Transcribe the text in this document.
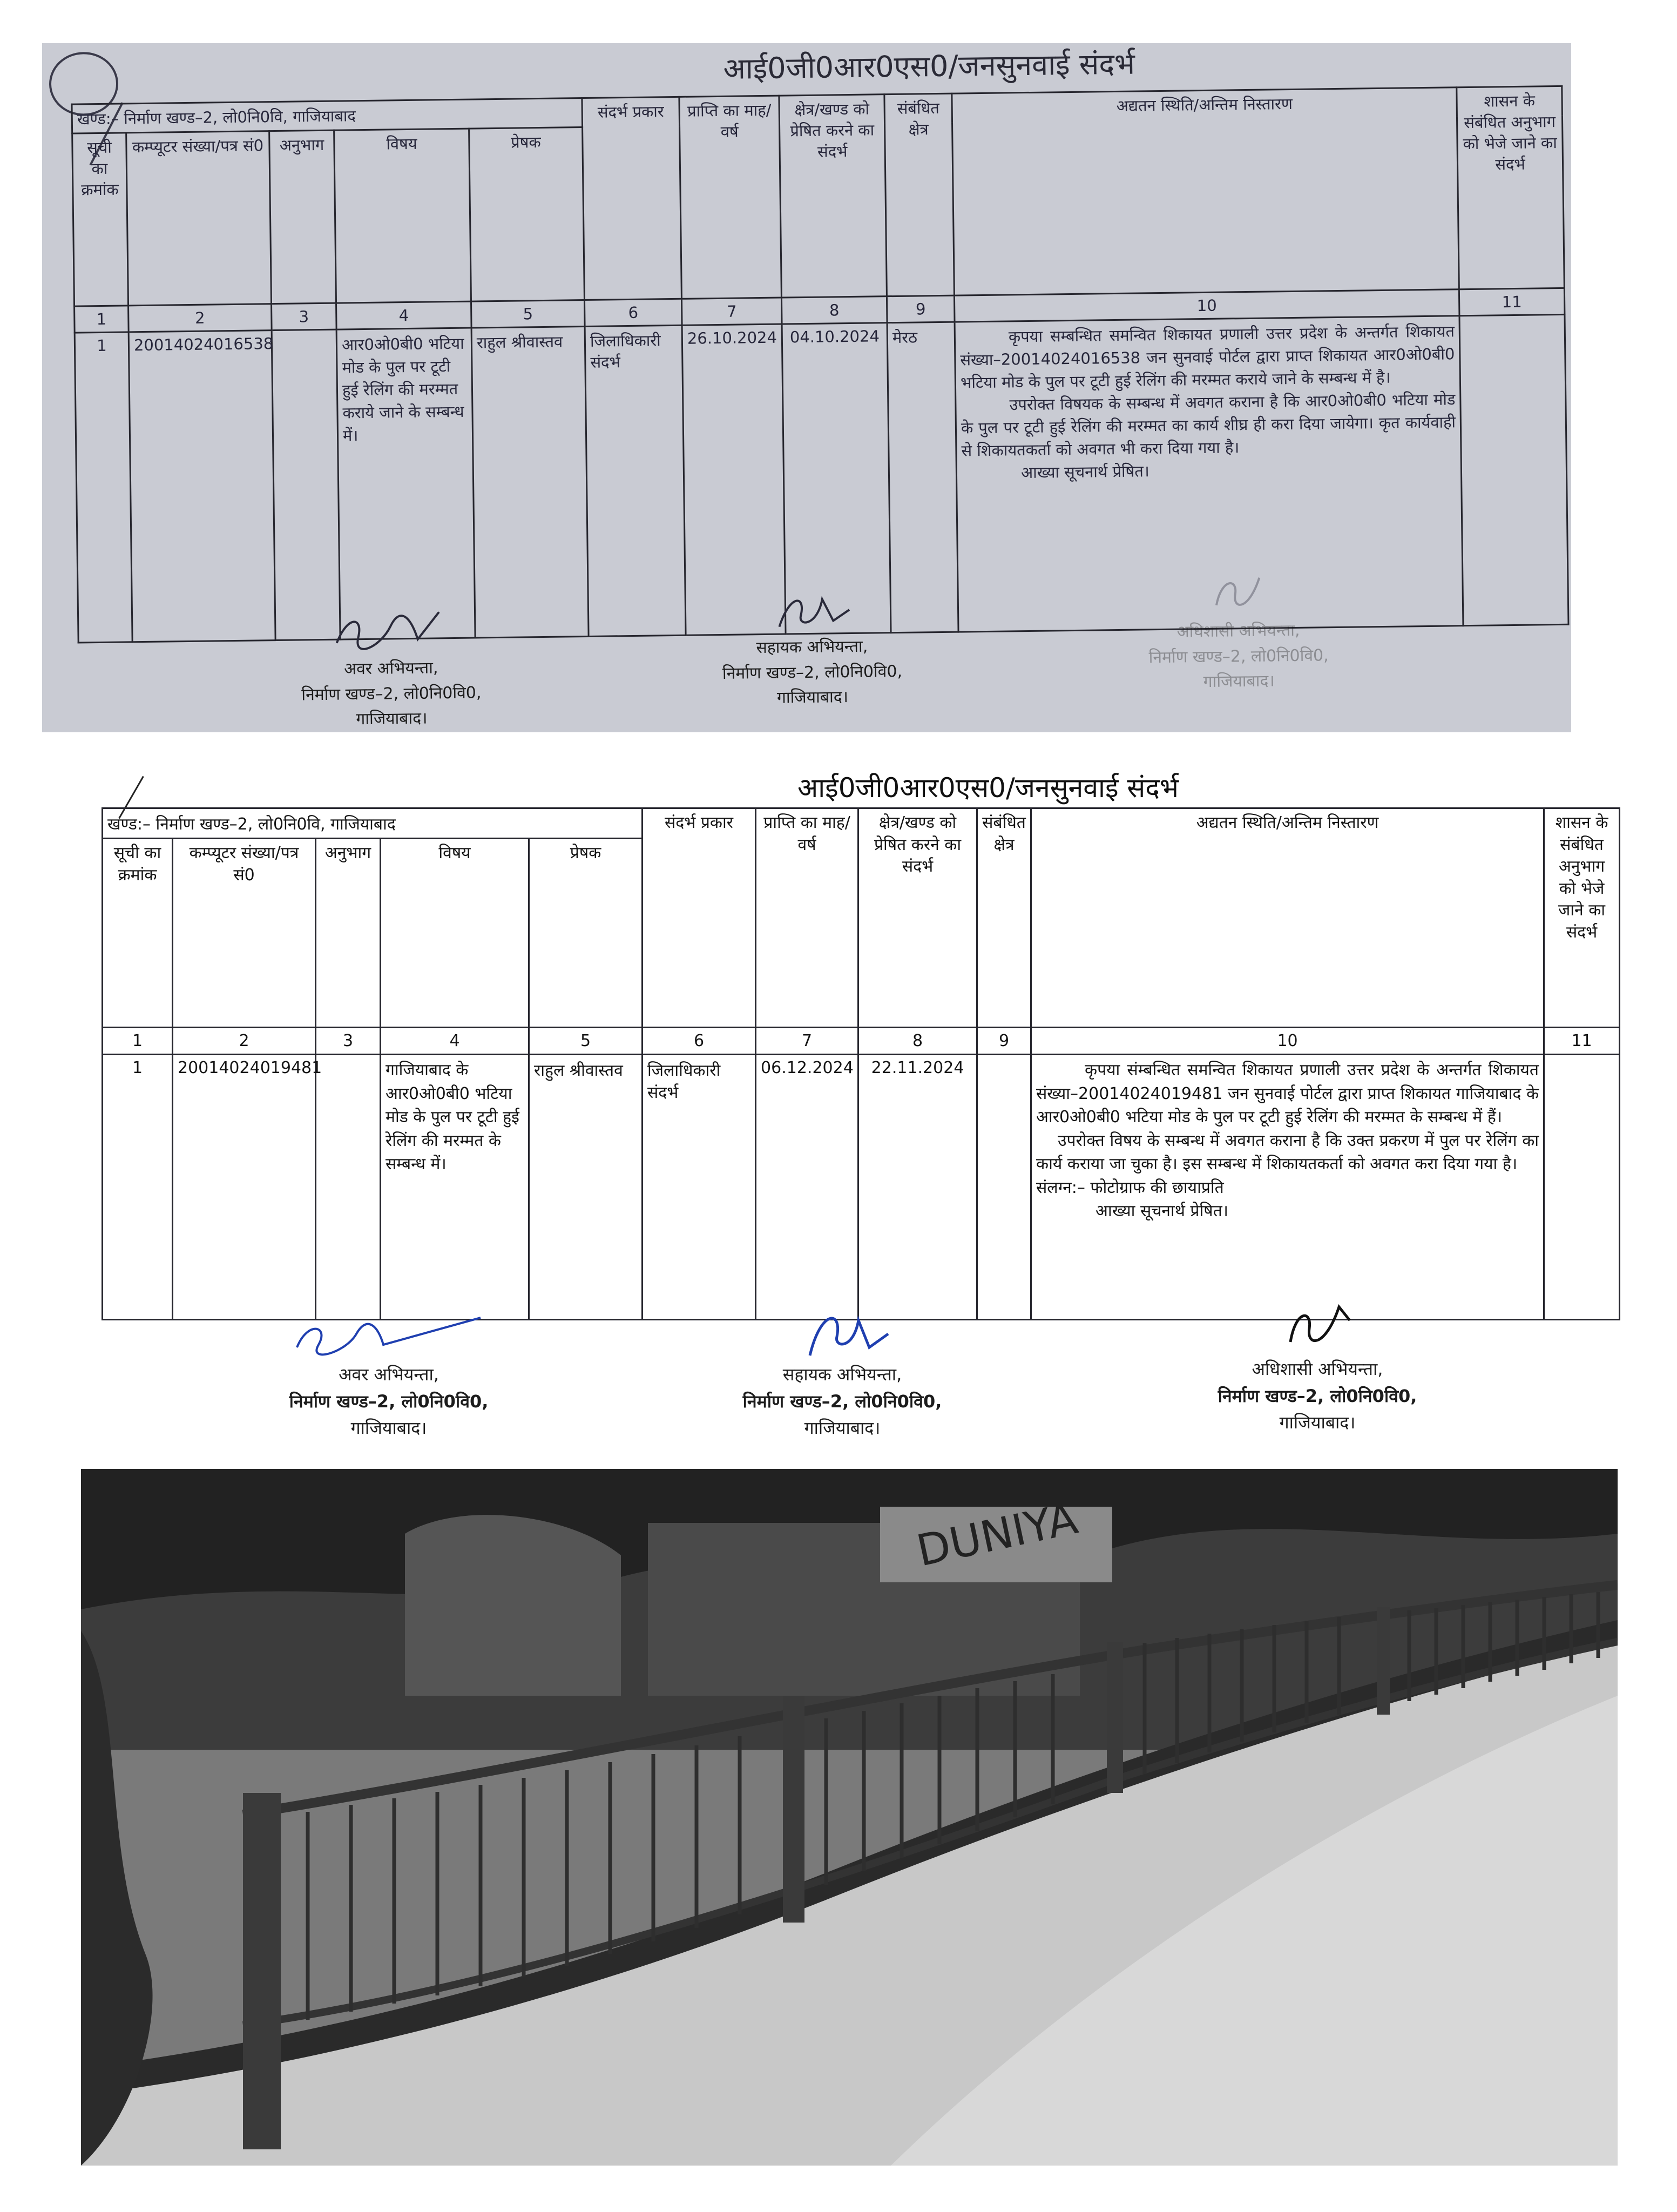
आई0जी0आर0एस0/जनसुनवाई संदर्भ
खण्ड:– निर्माण खण्ड–2, लो0नि0वि, गाजियाबाद					संदर्भ प्रकार	प्राप्ति का माह/वर्ष	क्षेत्र/खण्ड को प्रेषित करने का संदर्भ	संबंधित क्षेत्र	अद्यतन स्थिति/अन्तिम निस्तारण	शासन के संबंधित अनुभाग को भेजे जाने का संदर्भ
सूची का क्रमांक	कम्प्यूटर संख्या/पत्र सं0	अनुभाग	विषय	प्रेषक						
1	2	3	4	5	6	7	8	9	10	11
1	20014024016538		आर0ओ0बी0 भटिया मोड के पुल पर टूटी हुई रेलिंग की मरम्मत कराये जाने के सम्बन्ध में।	राहुल श्रीवास्तव	जिलाधिकारी संदर्भ	26.10.2024	04.10.2024	मेरठ	कृपया सम्बन्धित समन्वित शिकायत प्रणाली उत्तर प्रदेश के अन्तर्गत शिकायत संख्या–20014024016538 जन सुनवाई पोर्टल द्वारा प्राप्त शिकायत आर0ओ0बी0 भटिया मोड के पुल पर टूटी हुई रेलिंग की मरम्मत कराये जाने के सम्बन्ध में है।
उपरोक्त विषयक के सम्बन्ध में अवगत कराना है कि आर0ओ0बी0 भटिया मोड के पुल पर टूटी हुई रेलिंग की मरम्मत का कार्य शीघ्र ही करा दिया जायेगा। कृत कार्यवाही से शिकायतकर्ता को अवगत भी करा दिया गया है।
आख्या सूचनार्थ प्रेषित।	

अवर अभियन्ता,
निर्माण खण्ड–2, लो0नि0वि0,
गाजियाबाद।
सहायक अभियन्ता,
निर्माण खण्ड–2, लो0नि0वि0,
गाजियाबाद।
अधिशासी अभियन्ता,
निर्माण खण्ड–2, लो0नि0वि0,
गाजियाबाद।
आई0जी0आर0एस0/जनसुनवाई संदर्भ
खण्ड:– निर्माण खण्ड–2, लो0नि0वि, गाजियाबाद					संदर्भ प्रकार	प्राप्ति का माह/वर्ष	क्षेत्र/खण्ड को प्रेषित करने का संदर्भ	संबंधित क्षेत्र	अद्यतन स्थिति/अन्तिम निस्तारण	शासन के संबंधित अनुभाग को भेजे जाने का संदर्भ
सूची का क्रमांक	कम्प्यूटर संख्या/पत्र सं0	अनुभाग	विषय	प्रेषक						
1	2	3	4	5	6	7	8	9	10	11
1	20014024019481		गाजियाबाद के आर0ओ0बी0 भटिया मोड के पुल पर टूटी हुई रेलिंग की मरम्मत के सम्बन्ध में।	राहुल श्रीवास्तव	जिलाधिकारी संदर्भ	06.12.2024	22.11.2024		कृपया संम्बन्धित समन्वित शिकायत प्रणाली उत्तर प्रदेश के अन्तर्गत शिकायत संख्या–20014024019481 जन सुनवाई पोर्टल द्वारा प्राप्त शिकायत गाजियाबाद के आर0ओ0बी0 भटिया मोड के पुल पर टूटी हुई रेलिंग की मरम्मत के सम्बन्ध में हैं।
उपरोक्त विषय के सम्बन्ध में अवगत कराना है कि उक्त प्रकरण में पुल पर रेलिंग का कार्य कराया जा चुका है। इस सम्बन्ध में शिकायतकर्ता को अवगत करा दिया गया है।
संलग्न:– फोटोग्राफ की छायाप्रति
आख्या सूचनार्थ प्रेषित।	

अवर अभियन्ता,
निर्माण खण्ड–2, लो0नि0वि0,
गाजियाबाद।
सहायक अभियन्ता,
निर्माण खण्ड–2, लो0नि0वि0,
गाजियाबाद।
अधिशासी अभियन्ता,
निर्माण खण्ड–2, लो0नि0वि0,
गाजियाबाद।
DUNIYA
